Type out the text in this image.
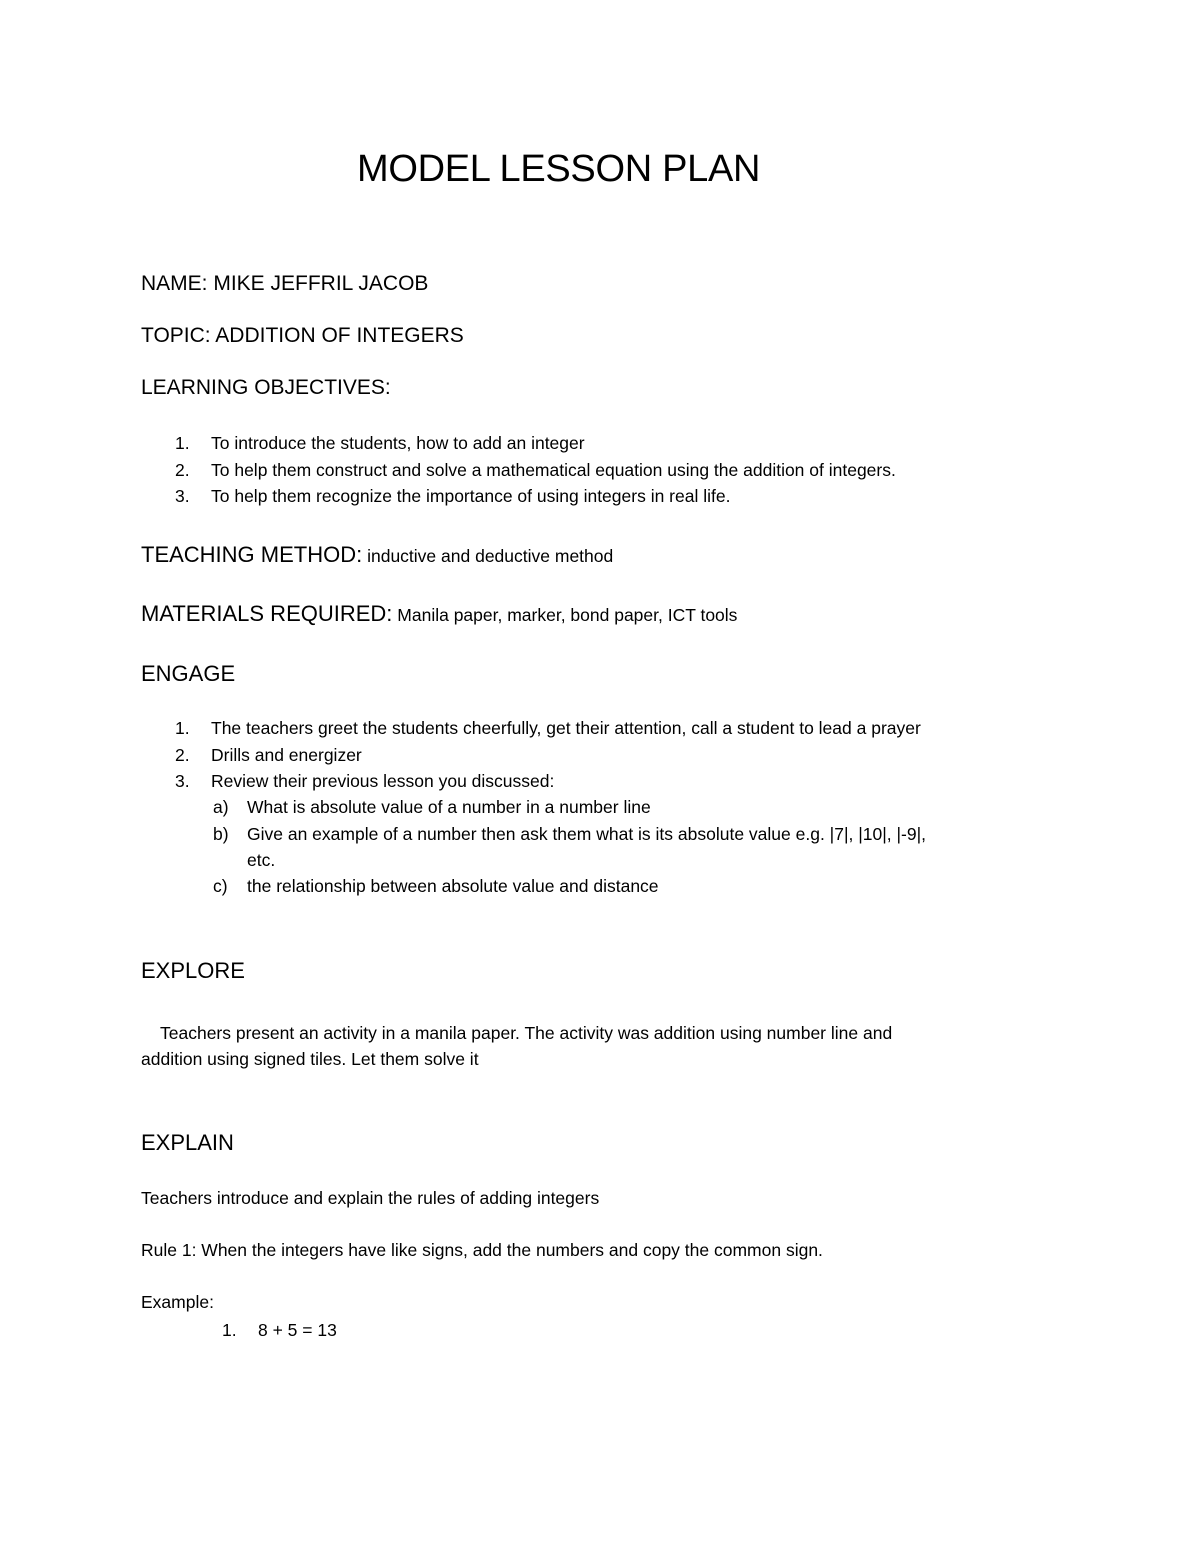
MODEL LESSON PLAN
NAME: MIKE JEFFRIL JACOB
TOPIC: ADDITION OF INTEGERS
LEARNING OBJECTIVES:
1. To introduce the students, how to add an integer
2. To help them construct and solve a mathematical equation using the addition of integers.
3. To help them recognize the importance of using integers in real life.
TEACHING METHOD: inductive and deductive method
MATERIALS REQUIRED: Manila paper, marker, bond paper, ICT tools
ENGAGE
1. The teachers greet the students cheerfully, get their attention, call a student to lead a prayer
2. Drills and energizer
3. Review their previous lesson you discussed:
a) What is absolute value of a number in a number line
b) Give an example of a number then ask them what is its absolute value e.g. |7|, |10|, |-9|,
etc.
c) the relationship between absolute value and distance
EXPLORE
Teachers present an activity in a manila paper. The activity was addition using number line and
addition using signed tiles. Let them solve it
EXPLAIN
Teachers introduce and explain the rules of adding integers
Rule 1: When the integers have like signs, add the numbers and copy the common sign.
Example:
1. 8 + 5 = 13
